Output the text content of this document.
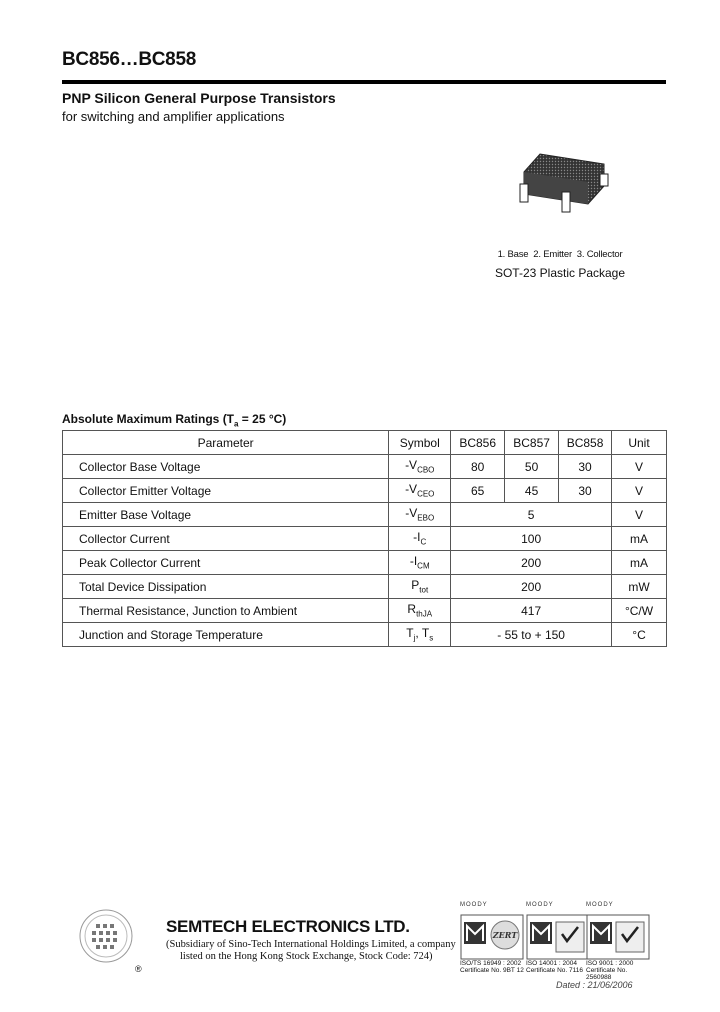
BC856…BC858
PNP Silicon General Purpose Transistors
for switching and amplifier applications
1. Base  2. Emitter  3. Collector
SOT-23 Plastic Package
Absolute Maximum Ratings ($T_a = 25$ °C)
Parameter	Symbol	BC856	BC857	BC858	Unit
Collector Base Voltage	$-V_{CBO}$	80	50	30	V
Collector Emitter Voltage	$-V_{CEO}$	65	45	30	V
Emitter Base Voltage	$-V_{EBO}$	5			V
Collector Current	$-I_C$	100			mA
Peak Collector Current	$-I_{CM}$	200			mA
Total Device Dissipation	$P_{tot}$	200			mW
Thermal Resistance, Junction to Ambient	$R_{thJA}$	417			°C/W
Junction and Storage Temperature	$T_j$, $T_s$	- 55 to + 150			°C
®
SEMTECH ELECTRONICS LTD.
(Subsidiary of Sino-Tech International Holdings Limited, a company
listed on the Hong Kong Stock Exchange, Stock Code: 724)
ZERT
MOODY	MOODY	MOODY
ISO/TS 16949 : 2002
Certificate No. 9BT 12
ISO 14001 : 2004
Certificate No. 7116
ISO 9001 : 2000
Certificate No. 2560988
Dated : 21/06/2006
